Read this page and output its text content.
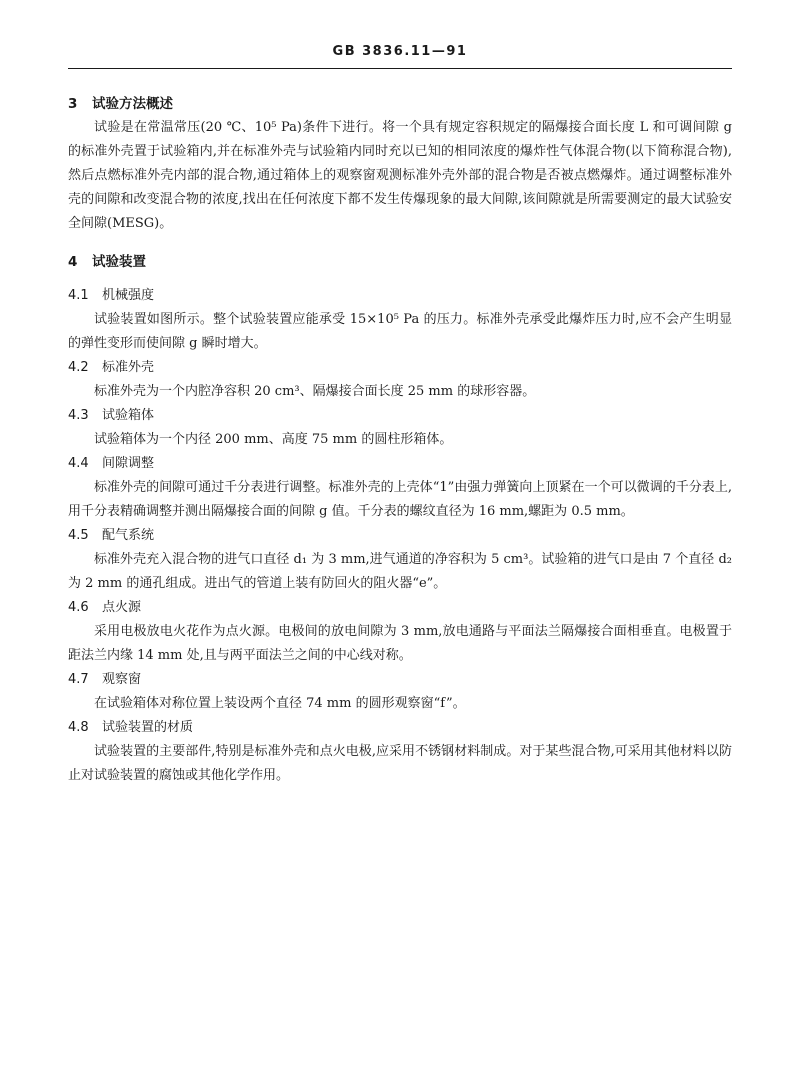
GB 3836.11—91
3 试验方法概述

试验是在常温常压(20 ℃、10⁵ Pa)条件下进行。将一个具有规定容积规定的隔爆接合面长度 L 和可调间隙 g 的标准外壳置于试验箱内,并在标准外壳与试验箱内同时充以已知的相同浓度的爆炸性气体混合物(以下简称混合物),然后点燃标准外壳内部的混合物,通过箱体上的观察窗观测标准外壳外部的混合物是否被点燃爆炸。通过调整标准外壳的间隙和改变混合物的浓度,找出在任何浓度下都不发生传爆现象的最大间隙,该间隙就是所需要测定的最大试验安全间隙(MESG)。

4 试验装置
4.1 机械强度

试验装置如图所示。整个试验装置应能承受 15×10⁵ Pa 的压力。标准外壳承受此爆炸压力时,应不会产生明显的弹性变形而使间隙 g 瞬时增大。

4.2 标准外壳

标准外壳为一个内腔净容积 20 cm³、隔爆接合面长度 25 mm 的球形容器。

4.3 试验箱体

试验箱体为一个内径 200 mm、高度 75 mm 的圆柱形箱体。

4.4 间隙调整

标准外壳的间隙可通过千分表进行调整。标准外壳的上壳体“1”由强力弹簧向上顶紧在一个可以微调的千分表上,用千分表精确调整并测出隔爆接合面的间隙 g 值。千分表的螺纹直径为 16 mm,螺距为 0.5 mm。

4.5 配气系统

标准外壳充入混合物的进气口直径 d₁ 为 3 mm,进气通道的净容积为 5 cm³。试验箱的进气口是由 7 个直径 d₂ 为 2 mm 的通孔组成。进出气的管道上装有防回火的阻火器“e”。

4.6 点火源

采用电极放电火花作为点火源。电极间的放电间隙为 3 mm,放电通路与平面法兰隔爆接合面相垂直。电极置于距法兰内缘 14 mm 处,且与两平面法兰之间的中心线对称。

4.7 观察窗

在试验箱体对称位置上装设两个直径 74 mm 的圆形观察窗“f”。

4.8 试验装置的材质

试验装置的主要部件,特别是标准外壳和点火电极,应采用不锈钢材料制成。对于某些混合物,可采用其他材料以防止对试验装置的腐蚀或其他化学作用。
